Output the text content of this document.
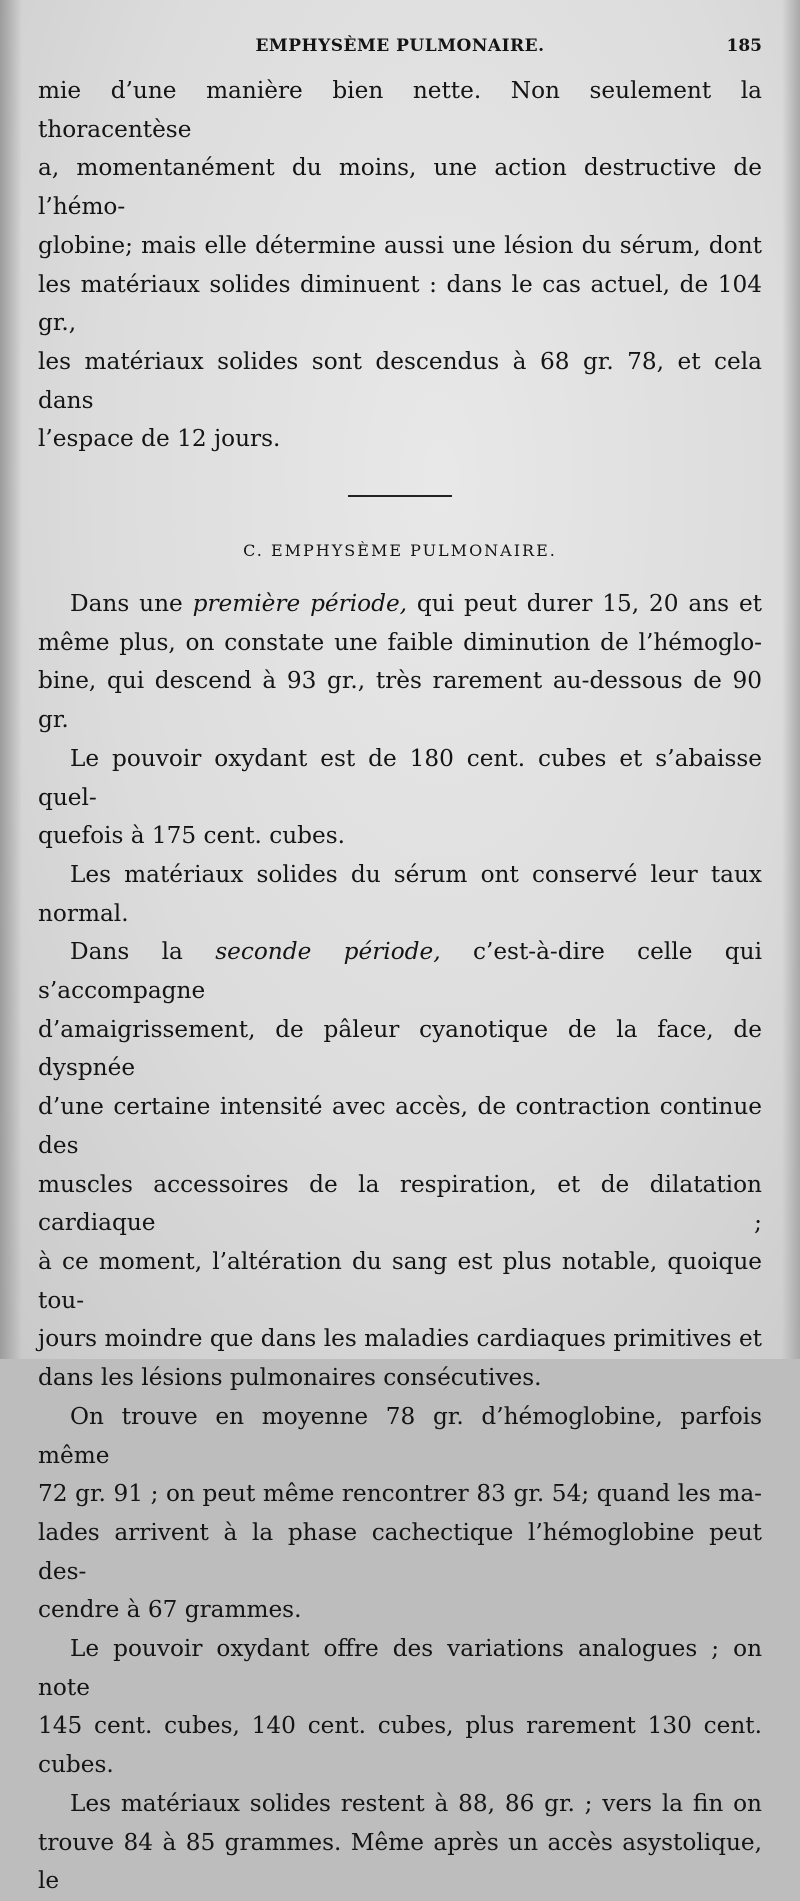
EMPHYSÈME PULMONAIRE.	185

mie d’une manière bien nette. Non seulement la thoracentèse

a, momentanément du moins, une action destructive de l’hémo-

globine; mais elle détermine aussi une lésion du sérum, dont

les matériaux solides diminuent : dans le cas actuel, de 104 gr.,

les matériaux solides sont descendus à 68 gr. 78, et cela dans

l’espace de 12 jours.

C. EMPHYSÈME PULMONAIRE.

Dans une première période, qui peut durer 15, 20 ans et

même plus, on constate une faible diminution de l’hémoglo-

bine, qui descend à 93 gr., très rarement au-dessous de 90 gr.

Le pouvoir oxydant est de 180 cent. cubes et s’abaisse quel-

quefois à 175 cent. cubes.

Les matériaux solides du sérum ont conservé leur taux normal.

Dans la seconde période, c’est-à-dire celle qui s’accompagne

d’amaigrissement, de pâleur cyanotique de la face, de dyspnée

d’une certaine intensité avec accès, de contraction continue des

muscles accessoires de la respiration, et de dilatation cardiaque ;

à ce moment, l’altération du sang est plus notable, quoique tou-

jours moindre que dans les maladies cardiaques primitives et

dans les lésions pulmonaires consécutives.

On trouve en moyenne 78 gr. d’hémoglobine, parfois même

72 gr. 91 ; on peut même rencontrer 83 gr. 54; quand les ma-

lades arrivent à la phase cachectique l’hémoglobine peut des-

cendre à 67 grammes.

Le pouvoir oxydant offre des variations analogues ; on note

145 cent. cubes, 140 cent. cubes, plus rarement 130 cent. cubes.

Les matériaux solides restent à 88, 86 gr. ; vers la fin on

trouve 84 à 85 grammes. Même après un accès asystolique, le
